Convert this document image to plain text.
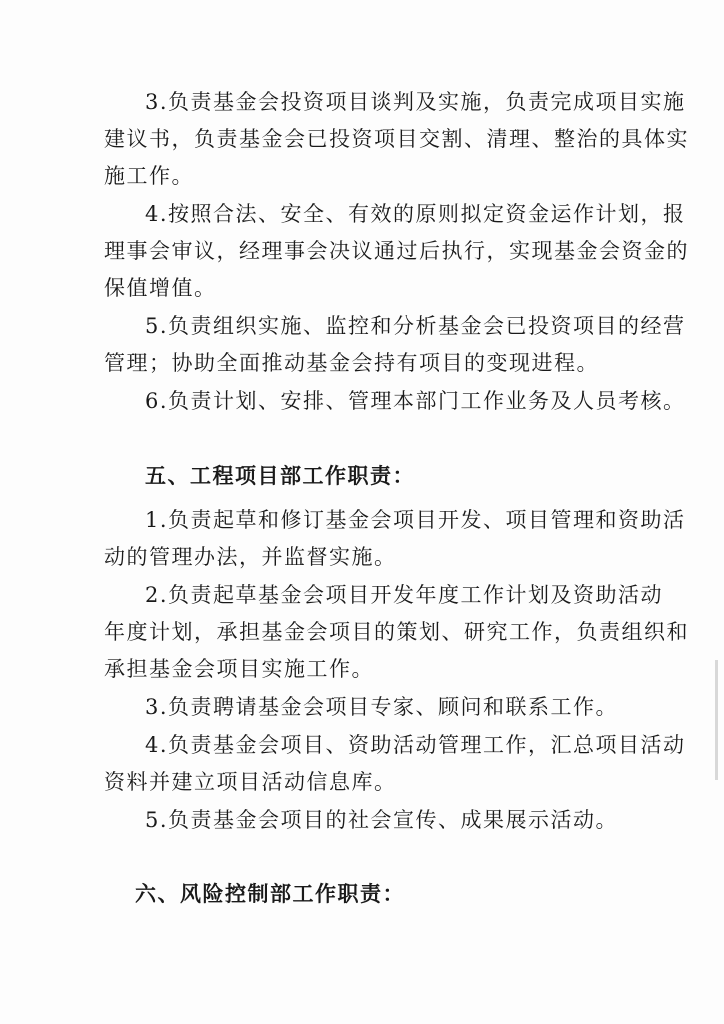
3.负责基金会投资项目谈判及实施，负责完成项目实施
建议书，负责基金会已投资项目交割、清理、整治的具体实
施工作。
4.按照合法、安全、有效的原则拟定资金运作计划，报
理事会审议，经理事会决议通过后执行，实现基金会资金的
保值增值。
5.负责组织实施、监控和分析基金会已投资项目的经营
管理；协助全面推动基金会持有项目的变现进程。
6.负责计划、安排、管理本部门工作业务及人员考核。
五、工程项目部工作职责：
1.负责起草和修订基金会项目开发、项目管理和资助活
动的管理办法，并监督实施。
2.负责起草基金会项目开发年度工作计划及资助活动
年度计划，承担基金会项目的策划、研究工作，负责组织和
承担基金会项目实施工作。
3.负责聘请基金会项目专家、顾问和联系工作。
4.负责基金会项目、资助活动管理工作，汇总项目活动
资料并建立项目活动信息库。
5.负责基金会项目的社会宣传、成果展示活动。
六、风险控制部工作职责：
